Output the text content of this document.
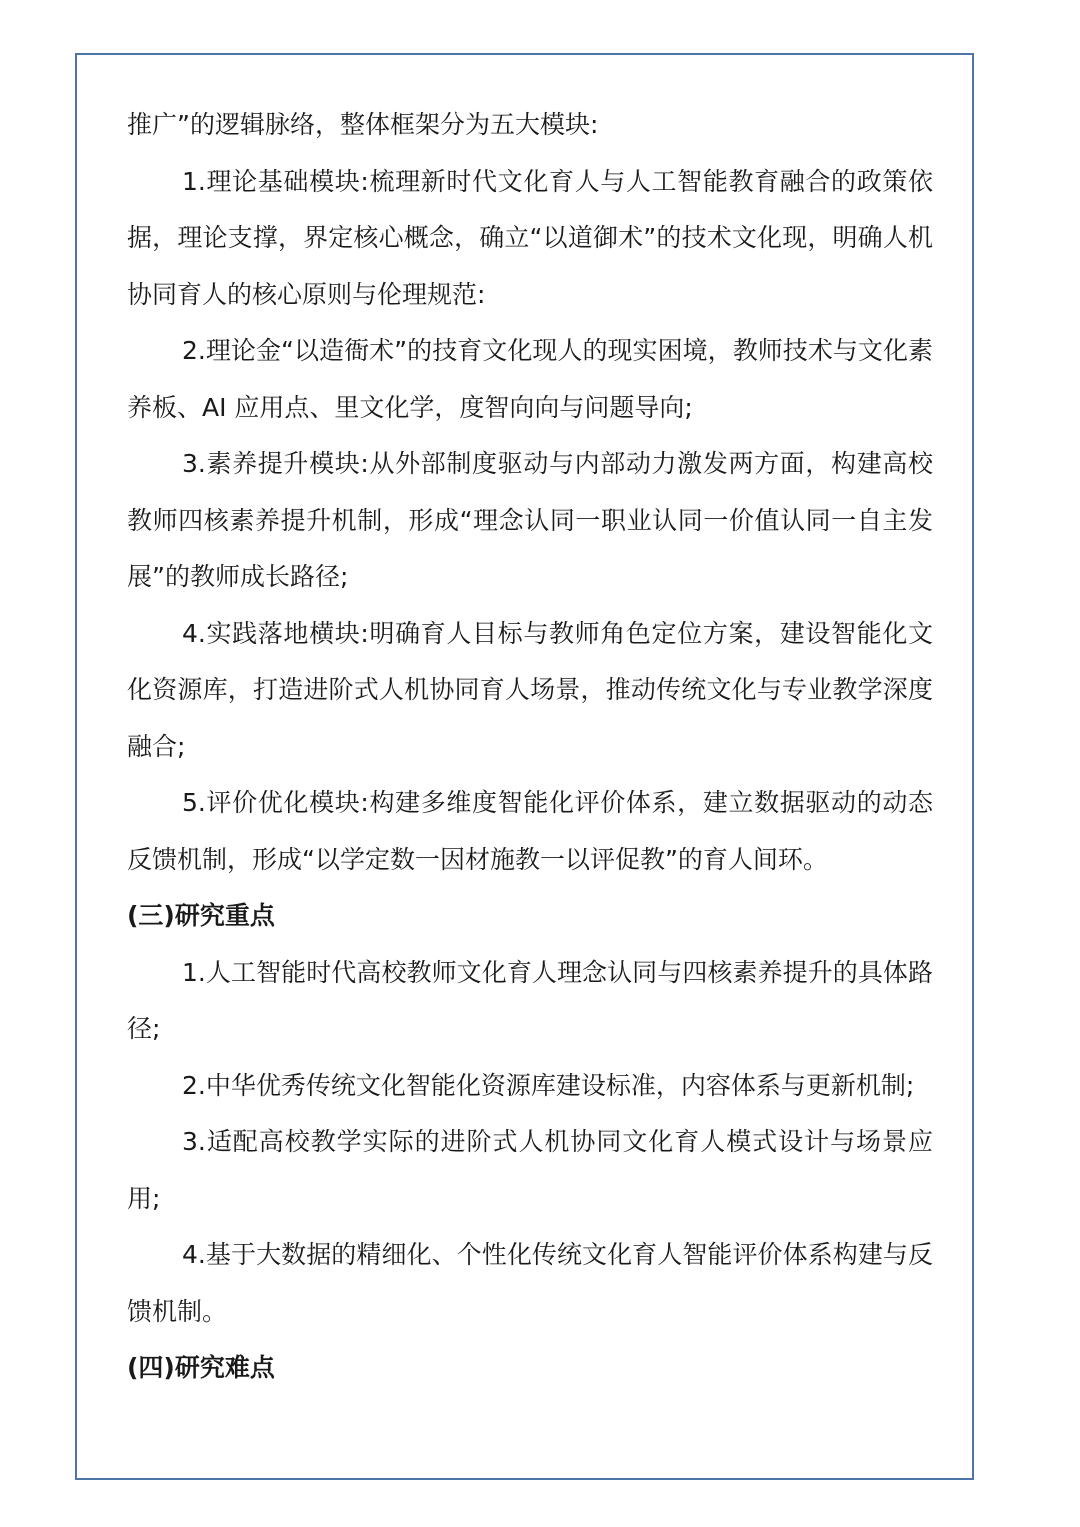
推广”的逻辑脉络，整体框架分为五大模块:

1.理论基础模块:梳理新时代文化育人与人工智能教育融合的政策依据，理论支撑，界定核心概念，确立“以道御术”的技术文化现，明确人机协同育人的核心原则与伦理规范:

2.理论金“以造衙术”的技育文化现人的现实困境，教师技术与文化素养板、AI 应用点、里文化学，度智向向与问题导向;

3.素养提升模块:从外部制度驱动与内部动力激发两方面，构建高校教师四核素养提升机制，形成“理念认同一职业认同一价值认同一自主发展”的教师成长路径;

4.实践落地横块:明确育人目标与教师角色定位方案，建设智能化文化资源库，打造进阶式人机协同育人场景，推动传统文化与专业教学深度融合;

5.评价优化模块:构建多维度智能化评价体系，建立数据驱动的动态反馈机制，形成“以学定数一因材施教一以评促教”的育人间环。

(三)研究重点

1.人工智能时代高校教师文化育人理念认同与四核素养提升的具体路径;

2.中华优秀传统文化智能化资源库建设标准，内容体系与更新机制;

3.适配高校教学实际的进阶式人机协同文化育人模式设计与场景应用;

4.基于大数据的精细化、个性化传统文化育人智能评价体系构建与反馈机制。

(四)研究难点
